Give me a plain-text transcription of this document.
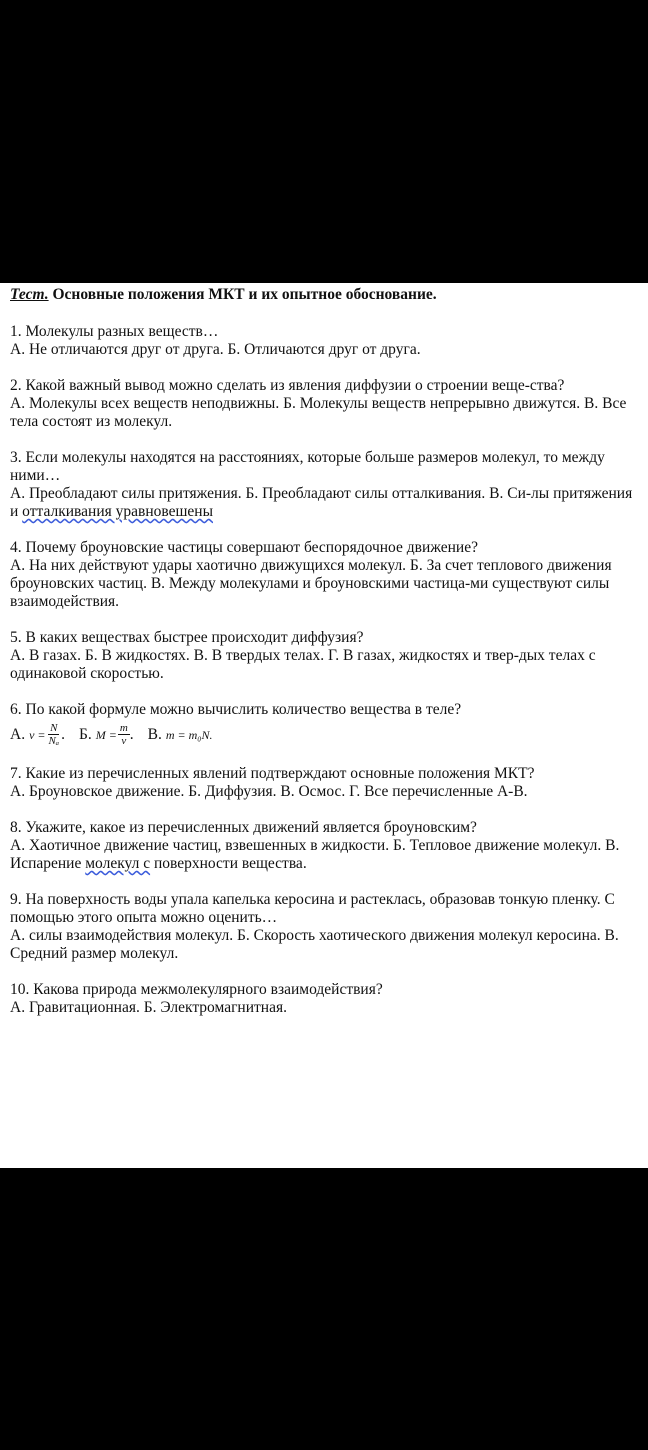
Тест. Основные положения МКТ и их опытное обоснование.

1. Молекулы разных веществ…

А. Не отличаются друг от друга. Б. Отличаются друг от друга.

2. Какой важный вывод можно сделать из явления диффузии о строении веще-ства?

А. Молекулы всех веществ неподвижны. Б. Молекулы веществ непрерывно движутся. В. Все тела состоят из молекул.

3. Если молекулы находятся на расстояниях, которые больше размеров молекул, то между ними…

А. Преобладают силы притяжения. Б. Преобладают силы отталкивания. В. Си-лы притяжения и отталкивания уравновешены

4. Почему броуновские частицы совершают беспорядочное движение?

А. На них действуют удары хаотично движущихся молекул. Б. За счет теплового движения броуновских частиц. В. Между молекулами и броуновскими частица-ми существуют силы взаимодействия.

5. В каких веществах быстрее происходит диффузия?

А. В газах. Б. В жидкостях. В. В твердых телах. Г. В газах, жидкостях и твер-дых телах с одинаковой скоростью.

6. По какой формуле можно вычислить количество вещества в теле?

А. $\nu = \frac{N}{\text{Nₐ}}$ . Б. $M = \frac{m}{\nu}$ . В. m = m₀N.

7. Какие из перечисленных явлений подтверждают основные положения МКТ?

А. Броуновское движение. Б. Диффузия. В. Осмос. Г. Все перечисленные А-В.

8. Укажите, какое из перечисленных движений является броуновским?

А. Хаотичное движение частиц, взвешенных в жидкости. Б. Тепловое движение молекул. В. Испарение молекул с поверхности вещества.

9. На поверхность воды упала капелька керосина и растеклась, образовав тонкую пленку. С помощью этого опыта можно оценить…

А. силы взаимодействия молекул. Б. Скорость хаотического движения молекул керосина. В. Средний размер молекул.

10. Какова природа межмолекулярного взаимодействия?

А. Гравитационная. Б. Электромагнитная.
